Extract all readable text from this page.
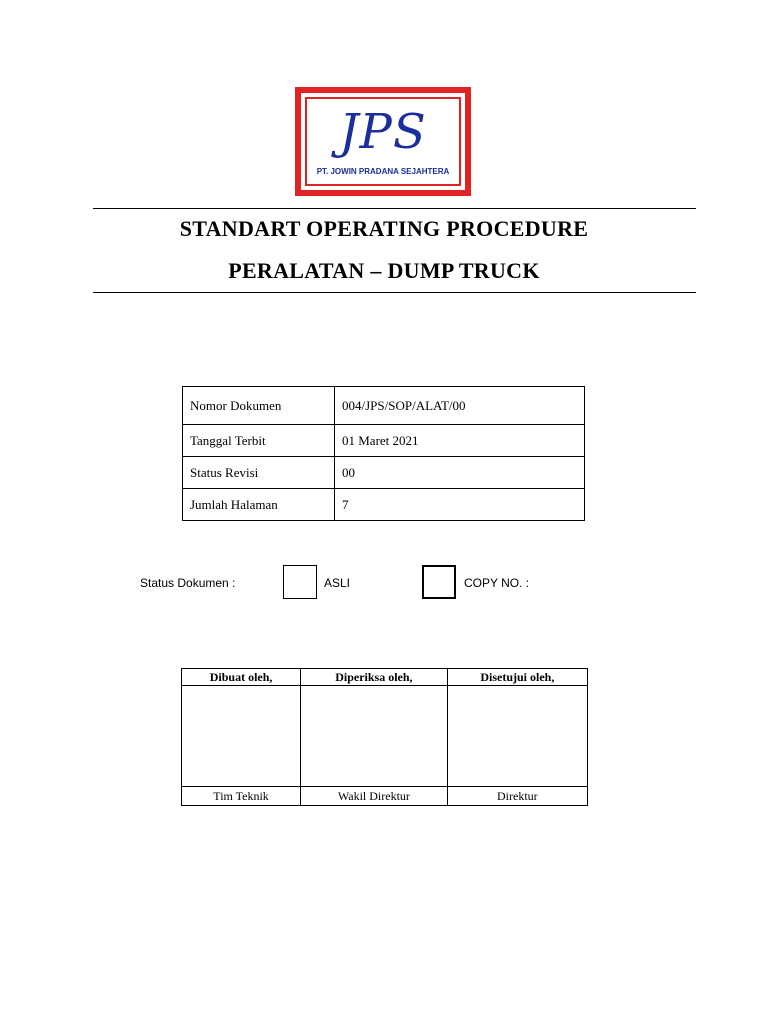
JPS
PT. JOWIN PRADANA SEJAHTERA
STANDART OPERATING PROCEDURE
PERALATAN – DUMP TRUCK
Nomor Dokumen	004/JPS/SOP/ALAT/00
Tanggal Terbit	01 Maret 2021
Status Revisi	00
Jumlah Halaman	7
Status Dokumen :	ASLI	COPY NO. :
Dibuat oleh,	Diperiksa oleh,	Disetujui oleh,

Tim Teknik	Wakil Direktur	Direktur
